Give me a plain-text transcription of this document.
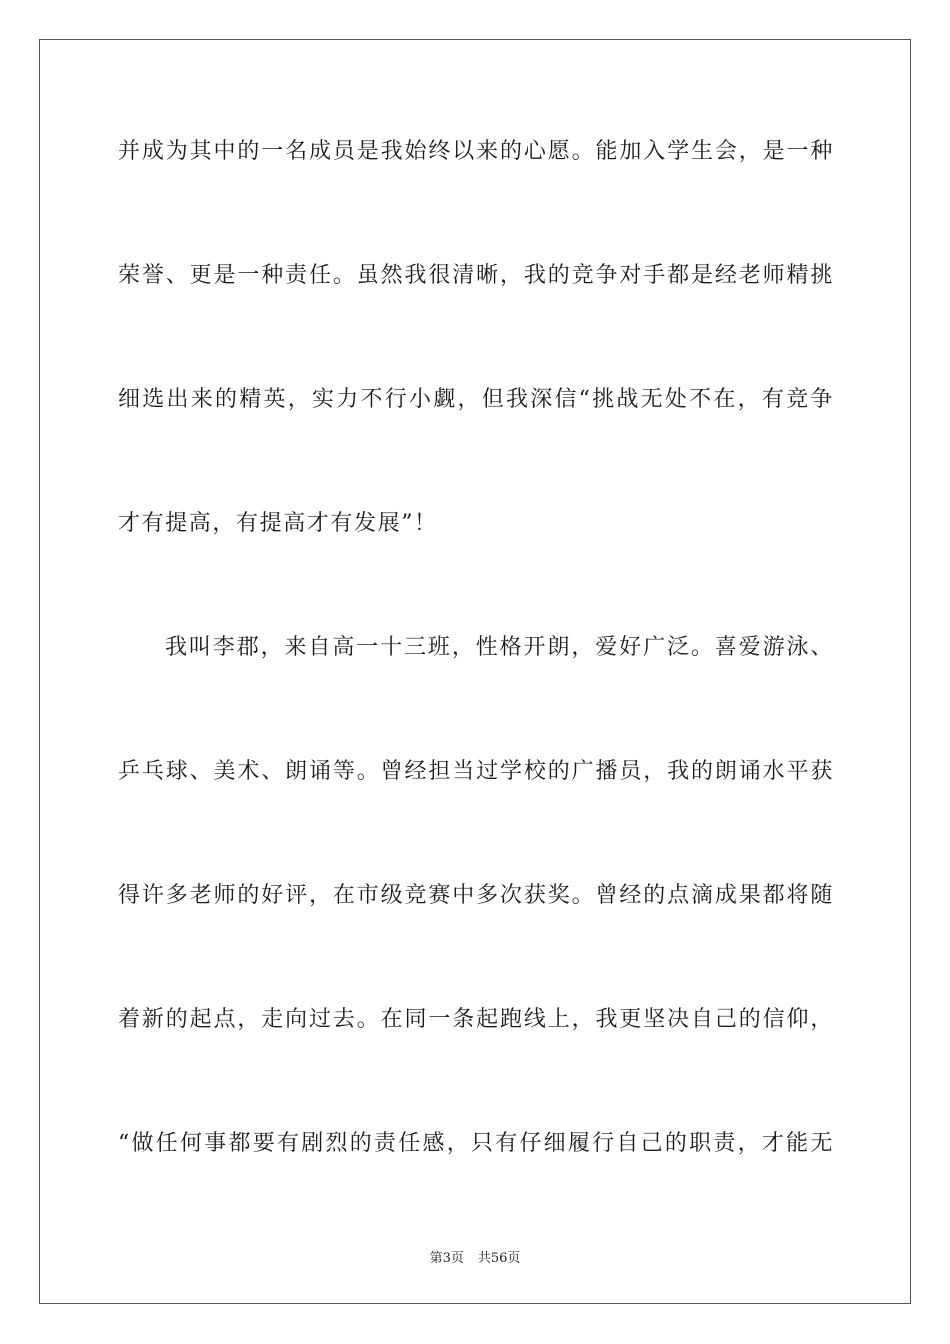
并成为其中的一名成员是我始终以来的心愿。能加入学生会，是一种
荣誉、更是一种责任。虽然我很清晰，我的竞争对手都是经老师精挑
细选出来的精英，实力不行小觑，但我深信“挑战无处不在，有竞争
才有提高，有提高才有发展”！
我叫李郡，来自高一十三班，性格开朗，爱好广泛。喜爱游泳、
乒乓球、美术、朗诵等。曾经担当过学校的广播员，我的朗诵水平获
得许多老师的好评，在市级竞赛中多次获奖。曾经的点滴成果都将随
着新的起点，走向过去。在同一条起跑线上，我更坚决自己的信仰，
“做任何事都要有剧烈的责任感，只有仔细履行自己的职责，才能无
第3页 共56页
